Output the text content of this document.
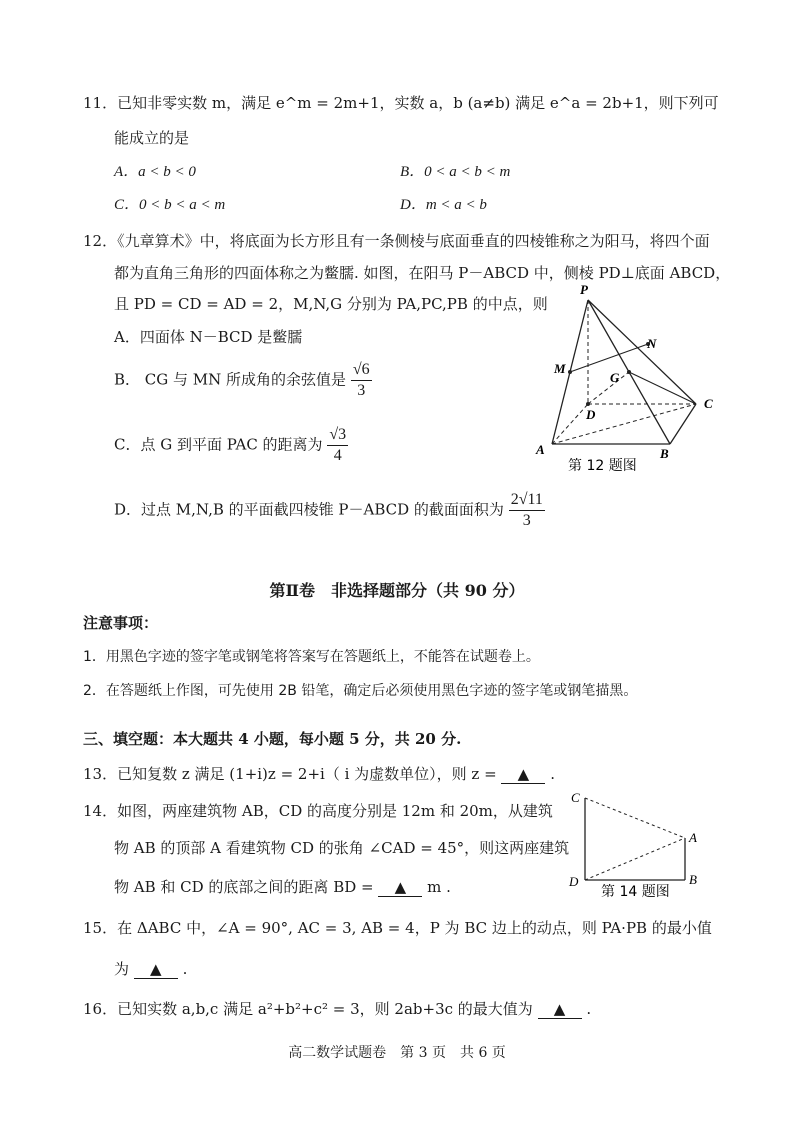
11．已知非零实数 m，满足 e^m = 2m+1，实数 a，b (a≠b) 满足 e^a = 2b+1，则下列可
能成立的是
A．a < b < 0	B．0 < a < b < m
C．0 < b < a < m	D．m < a < b
12．《九章算术》中，将底面为长方形且有一条侧棱与底面垂直的四棱锥称之为阳马，将四个面
都为直角三角形的四面体称之为鳖臑. 如图，在阳马 P－ABCD 中，侧棱 PD⊥底面 ABCD，
且 PD = CD = AD = 2，M,N,G 分别为 PA,PC,PB 的中点，则
A．四面体 N－BCD 是鳖臑
B． CG 与 MN 所成角的余弦值是 $\frac{√6}{3}$
C．点 G 到平面 PAC 的距离为 $\frac{√3}{4}$
D．过点 M,N,B 的平面截四棱锥 P－ABCD 的截面面积为 $\frac{2√11}{3}$
P
N
M
G
D
C
A	B
第 12 题图
第Ⅱ卷　非选择题部分（共 90 分）
注意事项：
1．用黑色字迹的签字笔或钢笔将答案写在答题纸上，不能答在试题卷上。
2．在答题纸上作图，可先使用 2B 铅笔，确定后必须使用黑色字迹的签字笔或钢笔描黑。
三、填空题：本大题共 4 小题，每小题 5 分，共 20 分.
13．已知复数 z 满足 (1+i)z = 2+i（ i 为虚数单位），则 z = ▲ .
14．如图，两座建筑物 AB，CD 的高度分别是 12m 和 20m，从建筑
物 AB 的顶部 A 看建筑物 CD 的张角 ∠CAD = 45°，则这两座建筑
物 AB 和 CD 的底部之间的距离 BD = ▲ m .
C
A
D	B
第 14 题图
15．在 ΔABC 中，∠A = 90°, AC = 3, AB = 4，P 为 BC 边上的动点，则 PA·PB 的最小值
为 ▲ .
16．已知实数 a,b,c 满足 a²+b²+c² = 3，则 2ab+3c 的最大值为 ▲ .
高二数学试题卷　第 3 页　共 6 页
